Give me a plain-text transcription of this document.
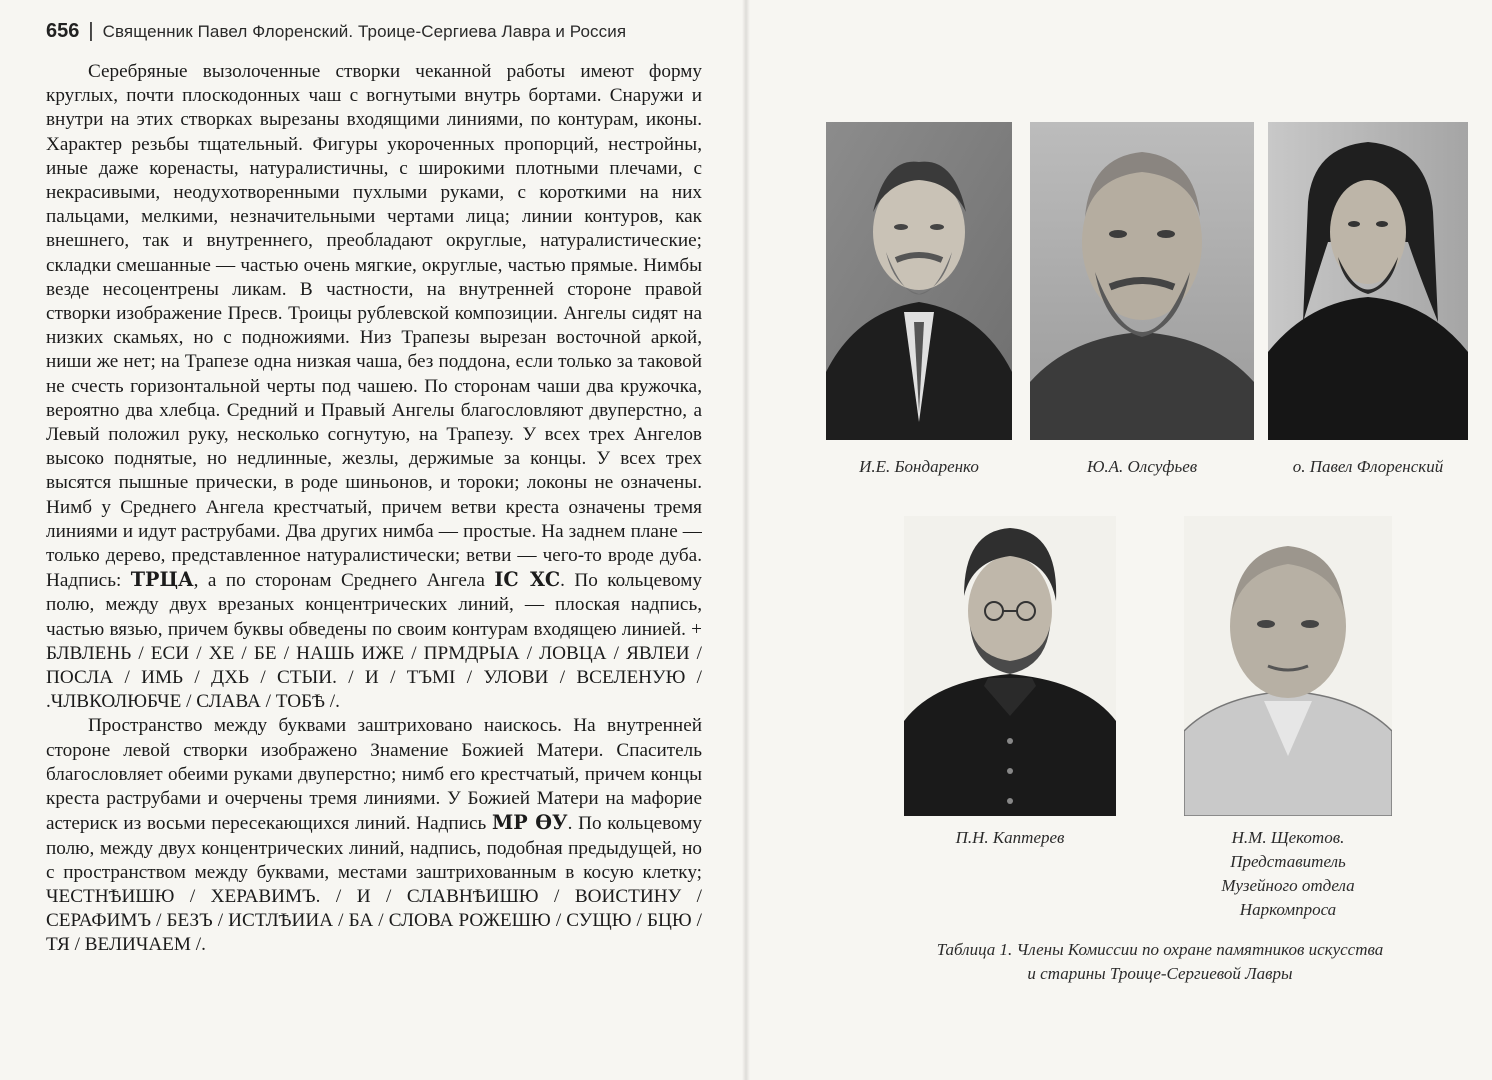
656 | Священник Павел Флоренский. Троице-Сергиева Лавра и Россия

Серебряные вызолоченные створки чеканной работы имеют форму круглых, почти плоскодонных чаш с вогнутыми внутрь бортами. Снаружи и внутри на этих створках вырезаны входящими линиями, по контурам, иконы. Характер резьбы тщательный. Фигуры укороченных пропорций, нестройны, иные даже коренасты, натуралистичны, с широкими плотными плечами, с некрасивыми, неодухотворенными пухлыми руками, с короткими на них пальцами, мелкими, незначительными чертами лица; линии контуров, как внешнего, так и внутреннего, преобладают округлые, натуралистические; складки смешанные — частью очень мягкие, округлые, частью прямые. Нимбы везде несоцентрены ликам. В частности, на внутренней стороне правой створки изображение Пресв. Троицы рублевской композиции. Ангелы сидят на низких скамьях, но с подножиями. Низ Трапезы вырезан восточной аркой, ниши же нет; на Трапезе одна низкая чаша, без поддона, если только за таковой не счесть горизонтальной черты под чашею. По сторонам чаши два кружочка, вероятно два хлебца. Средний и Правый Ангелы благословляют двуперстно, а Левый положил руку, несколько согнутую, на Трапезу. У всех трех Ангелов высоко поднятые, но недлинные, жезлы, держимые за концы. У всех трех высятся пышные прически, в роде шиньонов, и тороки; локоны не означены. Нимб у Среднего Ангела крестчатый, причем ветви креста означены тремя линиями и идут раструбами. Два других нимба — простые. На заднем плане — только дерево, представленное натуралистически; ветви — чего-то вроде дуба. Надпись: ТРЦА, а по сторонам Среднего Ангела ІС ХС. По кольцевому полю, между двух врезаных концентрических линий, — плоская надпись, частью вязью, причем буквы обведены по своим контурам входящею линией. + БЛВЛЕНЬ / ЕСИ / ХЕ / БЕ / НАШЬ ИЖЕ / ПРМДРЫА / ЛОВЦА / ЯВЛЕИ / ПОСЛА / ИМЬ / ДХЬ / СТЫИ. / И / ТЪМІ / УЛОВИ / ВСЕЛЕНУЮ / .ЧЛВКОЛЮБЧЕ / СЛАВА / ТОБѢ /.

Пространство между буквами заштриховано наискось. На внутренней стороне левой створки изображено Знамение Божией Матери. Спаситель благословляет обеими руками двуперстно; нимб его крестчатый, причем концы креста раструбами и очерчены тремя линиями. У Божией Матери на мафорие астериск из восьми пересекающихся линий. Надпись МР ѲУ. По кольцевому полю, между двух концентрических линий, надпись, подобная предыдущей, но с пространством между буквами, местами заштрихованным в косую клетку; ЧЕСТНѢИШЮ / ХЕРАВИМЪ. / И / СЛАВНѢИШЮ / ВОИСТИНУ / СЕРАФИМЪ / БЕЗЪ / ИСТЛѢИИА / БА / СЛОВА РОЖЕШЮ / СУЩЮ / БЦЮ / ТЯ / ВЕЛИЧАЕМ /.

И.Е. Бондаренко	Ю.А. Олсуфьев	о. Павел Флоренский
П.Н. Каптерев	Н.М. Щекотов.
Представитель
Музейного отдела
Наркомпроса
Таблица 1. Члены Комиссии по охране памятников искусства
и старины Троице-Сергиевой Лавры
